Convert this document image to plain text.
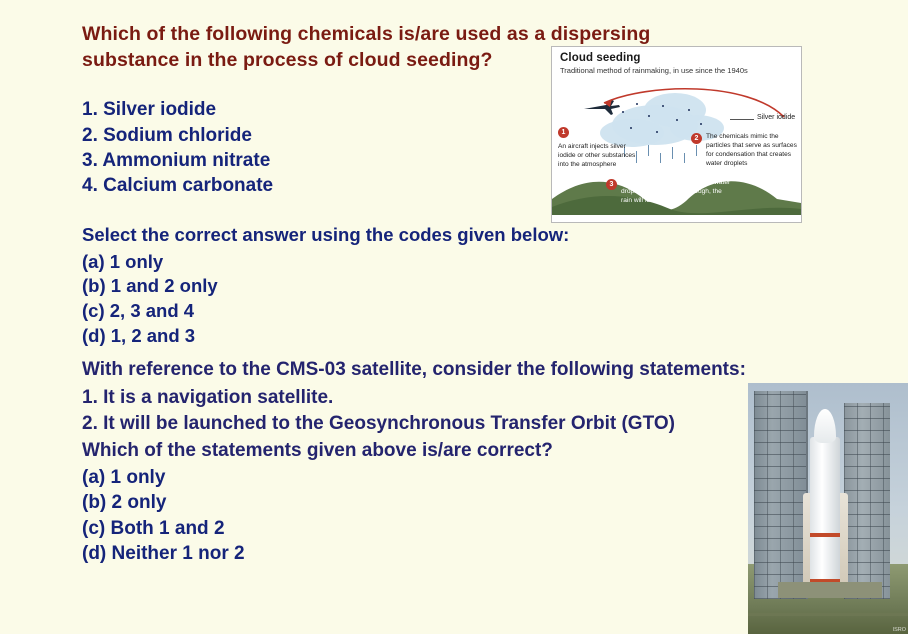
Which of the following chemicals is/are used as a dispersing substance in the process of cloud seeding?
1. Silver iodide
2. Sodium chloride
3. Ammonium nitrate
4. Calcium carbonate
Select the correct answer using the codes given below:
(a) 1 only
(b) 1 and 2 only
(c) 2, 3 and 4
(d) 1, 2 and 3
Cloud seeding
Traditional method of rainmaking, in use since the 1940s
Silver iodide
1
An aircraft injects silver iodide or other substances into the atmosphere
2	The chemicals mimic the particles that serve as surfaces for condensation that creates water droplets
3	Once the condensation creates water droplets that are large enough, the rain will fall
With reference to the CMS-03 satellite, consider the following statements:
1. It is a navigation satellite.
2. It will be launched to the Geosynchronous Transfer Orbit (GTO)
Which of the statements given above is/are correct?
(a) 1 only
(b) 2 only
(c) Both 1 and 2
(d) Neither 1 nor 2
ISRO
